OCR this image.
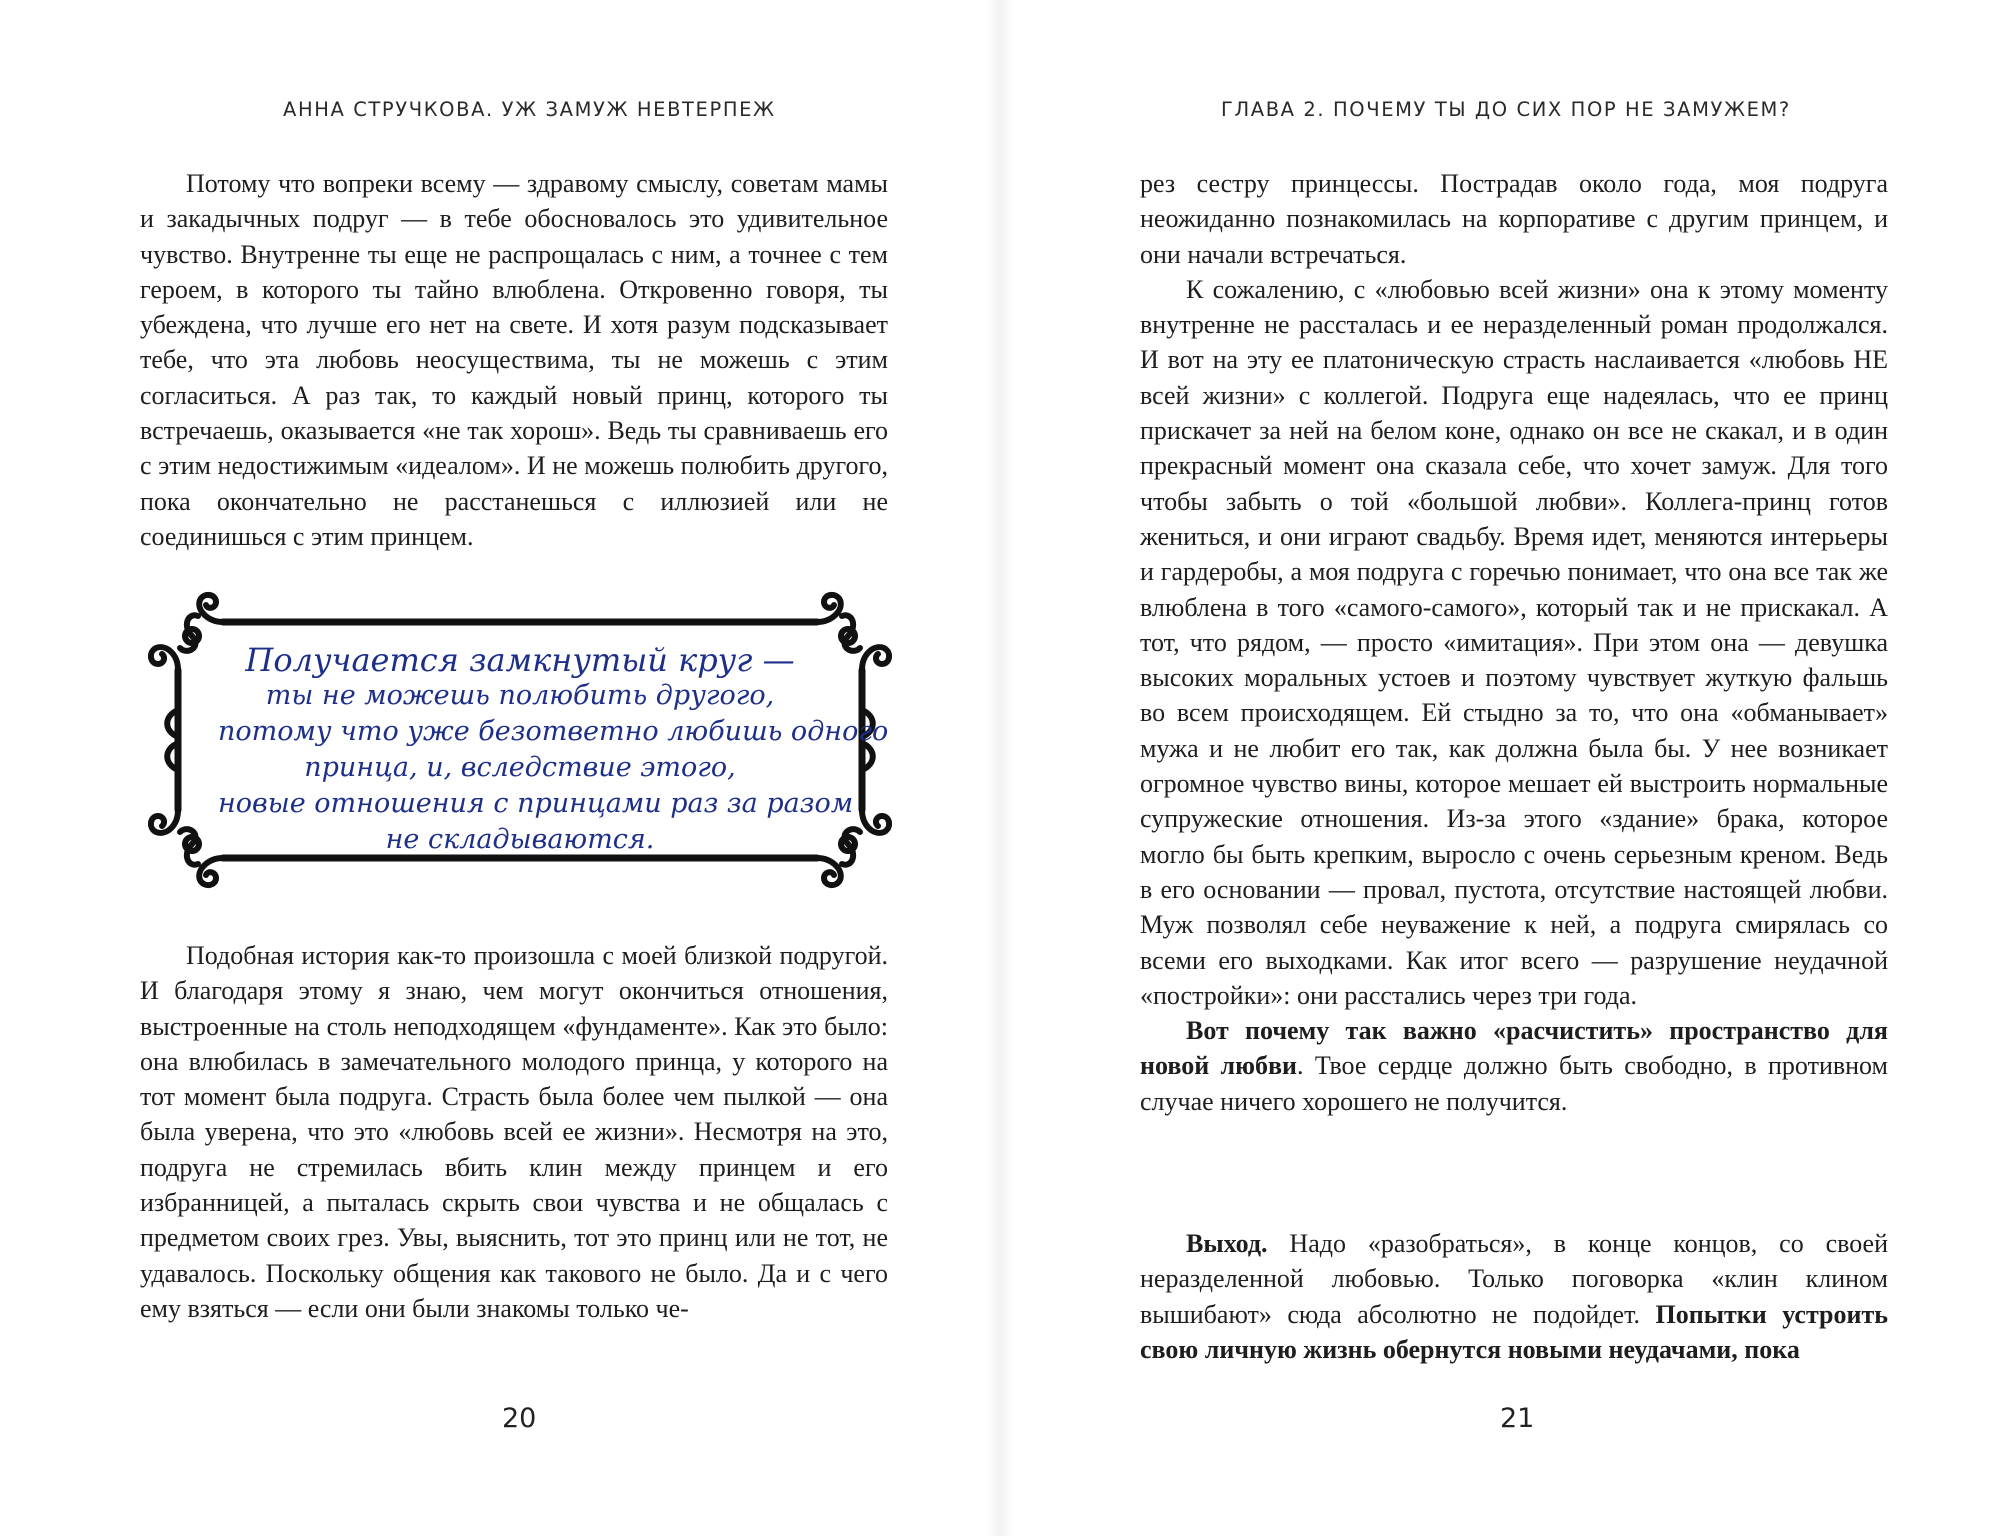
АННА СТРУЧКОВА. УЖ ЗАМУЖ НЕВТЕРПЕЖ

Потому что вопреки всему — здравому смыслу, советам мамы и закадычных подруг — в тебе обосновалось это удивительное чувство. Внутренне ты еще не распрощалась с ним, а точнее с тем героем, в которого ты тайно влюблена. Откровенно говоря, ты убеждена, что лучше его нет на свете. И хотя разум подсказывает тебе, что эта любовь неосуществима, ты не можешь с этим согласиться. А раз так, то каждый новый принц, которого ты встречаешь, оказывается «не так хорош». Ведь ты сравниваешь его с этим недостижимым «идеалом». И не можешь полюбить другого, пока окончательно не расстанешься с иллюзией или не соединишься с этим принцем.

Получается замкнутый круг —
ты не можешь полюбить другого,
потому что уже безответно любишь одного
принца, и, вследствие этого,
новые отношения с принцами раз за разом
не складываются.

Подобная история как-то произошла с моей близкой подругой. И благодаря этому я знаю, чем могут окончиться отношения, выстроенные на столь неподходящем «фундаменте». Как это было: она влюбилась в замечательного молодого принца, у которого на тот момент была подруга. Страсть была более чем пылкой — она была уверена, что это «любовь всей ее жизни». Несмотря на это, подруга не стремилась вбить клин между принцем и его избранницей, а пыталась скрыть свои чувства и не общалась с предметом своих грез. Увы, выяснить, тот это принц или не тот, не удавалось. Поскольку общения как такового не было. Да и с чего ему взяться — если они были знакомы только че-

20
ГЛАВА 2. ПОЧЕМУ ТЫ ДО СИХ ПОР НЕ ЗАМУЖЕМ?

рез сестру принцессы. Пострадав около года, моя подруга неожиданно познакомилась на корпоративе с другим принцем, и они начали встречаться.

К сожалению, с «любовью всей жизни» она к этому моменту внутренне не рассталась и ее неразделенный роман продолжался. И вот на эту ее платоническую страсть наслаивается «любовь НЕ всей жизни» с коллегой. Подруга еще надеялась, что ее принц прискачет за ней на белом коне, однако он все не скакал, и в один прекрасный момент она сказала себе, что хочет замуж. Для того чтобы забыть о той «большой любви». Коллега-принц готов жениться, и они играют свадьбу. Время идет, меняются интерьеры и гардеробы, а моя подруга с горечью понимает, что она все так же влюблена в того «самого-самого», который так и не прискакал. А тот, что рядом, — просто «имитация». При этом она — девушка высоких моральных устоев и поэтому чувствует жуткую фальшь во всем происходящем. Ей стыдно за то, что она «обманывает» мужа и не любит его так, как должна была бы. У нее возникает огромное чувство вины, которое мешает ей выстроить нормальные супружеские отношения. Из-за этого «здание» брака, которое могло бы быть крепким, выросло с очень серьезным креном. Ведь в его основании — провал, пустота, отсутствие настоящей любви. Муж позволял себе неуважение к ней, а подруга смирялась со всеми его выходками. Как итог всего — разрушение неудачной «постройки»: они расстались через три года.

Вот почему так важно «расчистить» пространство для новой любви. Твое сердце должно быть свободно, в противном случае ничего хорошего не получится.

Выход. Надо «разобраться», в конце концов, со своей неразделенной любовью. Только поговорка «клин клином вышибают» сюда абсолютно не подойдет. Попытки устроить свою личную жизнь обернутся новыми неудачами, пока

21
